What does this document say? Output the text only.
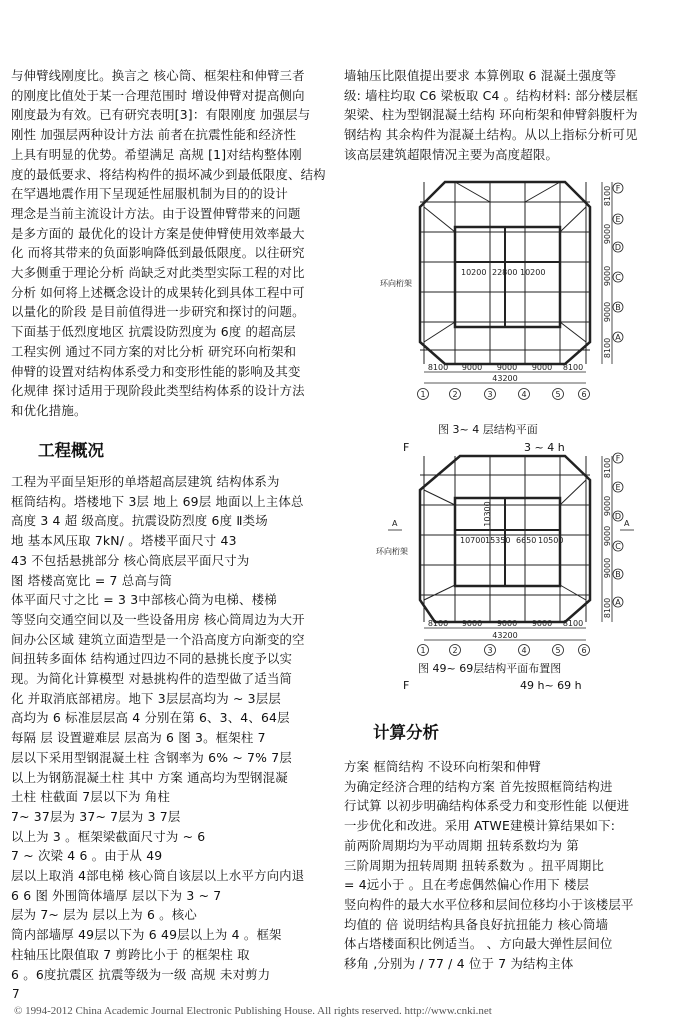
与伸臂线刚度比。换言之 核心筒、框架柱和伸臂三者

的刚度比值处于某一合理范围时 增设伸臂对提高侧向

刚度最为有效。已有研究表明[3]：有限刚度 加强层与

刚性 加强层两种设计方法 前者在抗震性能和经济性

上具有明显的优势。希望满足 高规 [1]对结构整体刚

度的最低要求、将结构构件的损坏减少到最低限度、结构

在罕遇地震作用下呈现延性屈服机制为目的的设计

理念是当前主流设计方法。由于设置伸臂带来的问题

是多方面的 最优化的设计方案是使伸臂使用效率最大

化 而将其带来的负面影响降低到最低限度。以往研究

大多侧重于理论分析 尚缺乏对此类型实际工程的对比

分析 如何将上述概念设计的成果转化到具体工程中可

以量化的阶段 是目前值得进一步研究和探讨的问题。

下面基于低烈度地区 抗震设防烈度为 6度 的超高层

工程实例 通过不同方案的对比分析 研究环向桁架和

伸臂的设置对结构体系受力和变形性能的影响及其变

化规律 探讨适用于现阶段此类型结构体系的设计方法

和优化措施。

工程概况

工程为平面呈矩形的单塔超高层建筑 结构体系为

框筒结构。塔楼地下 3层 地上 69层 地面以上主体总

高度 3 4 超 级高度。抗震设防烈度 6度 Ⅱ类场

地 基本风压取 7kN/ 。塔楼平面尺寸 43

43 不包括悬挑部分 核心筒底层平面尺寸为

图 塔楼高宽比 = 7 总高与筒

体平面尺寸之比 = 3 3中部核心筒为电梯、楼梯

等竖向交通空间以及一些设备用房 核心筒周边为大开

间办公区域 建筑立面造型是一个沿高度方向渐变的空

间扭转多面体 结构通过四边不同的悬挑长度予以实

现。为简化计算模型 对悬挑构件的造型做了适当简

化 并取消底部裙房。地下 3层层高均为 ~ 3层层

高均为 6 标准层层高 4 分别在第 6、3、4、64层

每隔 层 设置避难层 层高为 6 图 3。框架柱 7

层以下采用型钢混凝土柱 含钢率为 6% ~ 7% 7层

以上为钢筋混凝土柱 其中 方案 通高均为型钢混凝

土柱 柱截面 7层以下为 角柱

7~ 37层为 37~ 7层为 3 7层

以上为 3 。框架梁截面尺寸为 ~ 6

7 ~ 次梁 4 6 。由于从 49

层以上取消 4部电梯 核心筒自该层以上水平方向内退

6 6 图 外围筒体墙厚 层以下为 3 ~ 7

层为 7~ 层为 层以上为 6 。核心

筒内部墙厚 49层以下为 6 49层以上为 4 。框架

柱轴压比限值取 7 剪跨比小于 的框架柱 取

6 。6度抗震区 抗震等级为一级 高规 未对剪力

墙轴压比限值提出要求 本算例取 6 混凝土强度等

级: 墙柱均取 C6 梁板取 C4 。结构材料: 部分楼层框

架梁、柱为型钢混凝土结构 环向桁架和伸臂斜腹杆为

钢结构 其余构件为混凝土结构。从以上指标分析可见

该高层建筑超限情况主要为高度超限。

8100 9000 9000 9000 8100
43200
10200 22800 10200
环向桁架
8100
9000
9000
9000
8100
F
E
D
C
B
A
1	2	3	4	5	6
图 3~ 4 层结构平面
F	3 ~ 4 h
8100 9000 9000 9000 8100
43200
10700 15350 6650 10500
10300
环向桁架
A	A
8100
9000
9000
9000
8100
F
E
D
C
B
A
1	2	3	4	5	6
图 49~ 69层结构平面布置图
F	49 h~ 69 h
计算分析

方案 框筒结构 不设环向桁架和伸臂

为确定经济合理的结构方案 首先按照框筒结构进

行试算 以初步明确结构体系受力和变形性能 以便进

一步优化和改进。采用 ATWE建模计算结果如下:

前两阶周期均为平动周期 扭转系数均为 第

三阶周期为扭转周期 扭转系数为 。扭平周期比

= 4远小于 。且在考虑偶然偏心作用下 楼层

竖向构件的最大水平位移和层间位移均小于该楼层平

均值的 倍 说明结构具备良好抗扭能力 核心筒墙

体占塔楼面积比例适当。 、方向最大弹性层间位

移角 ,分别为 / 77 / 4 位于 7 为结构主体

7
© 1994-2012 China Academic Journal Electronic Publishing House. All rights reserved. http://www.cnki.net
